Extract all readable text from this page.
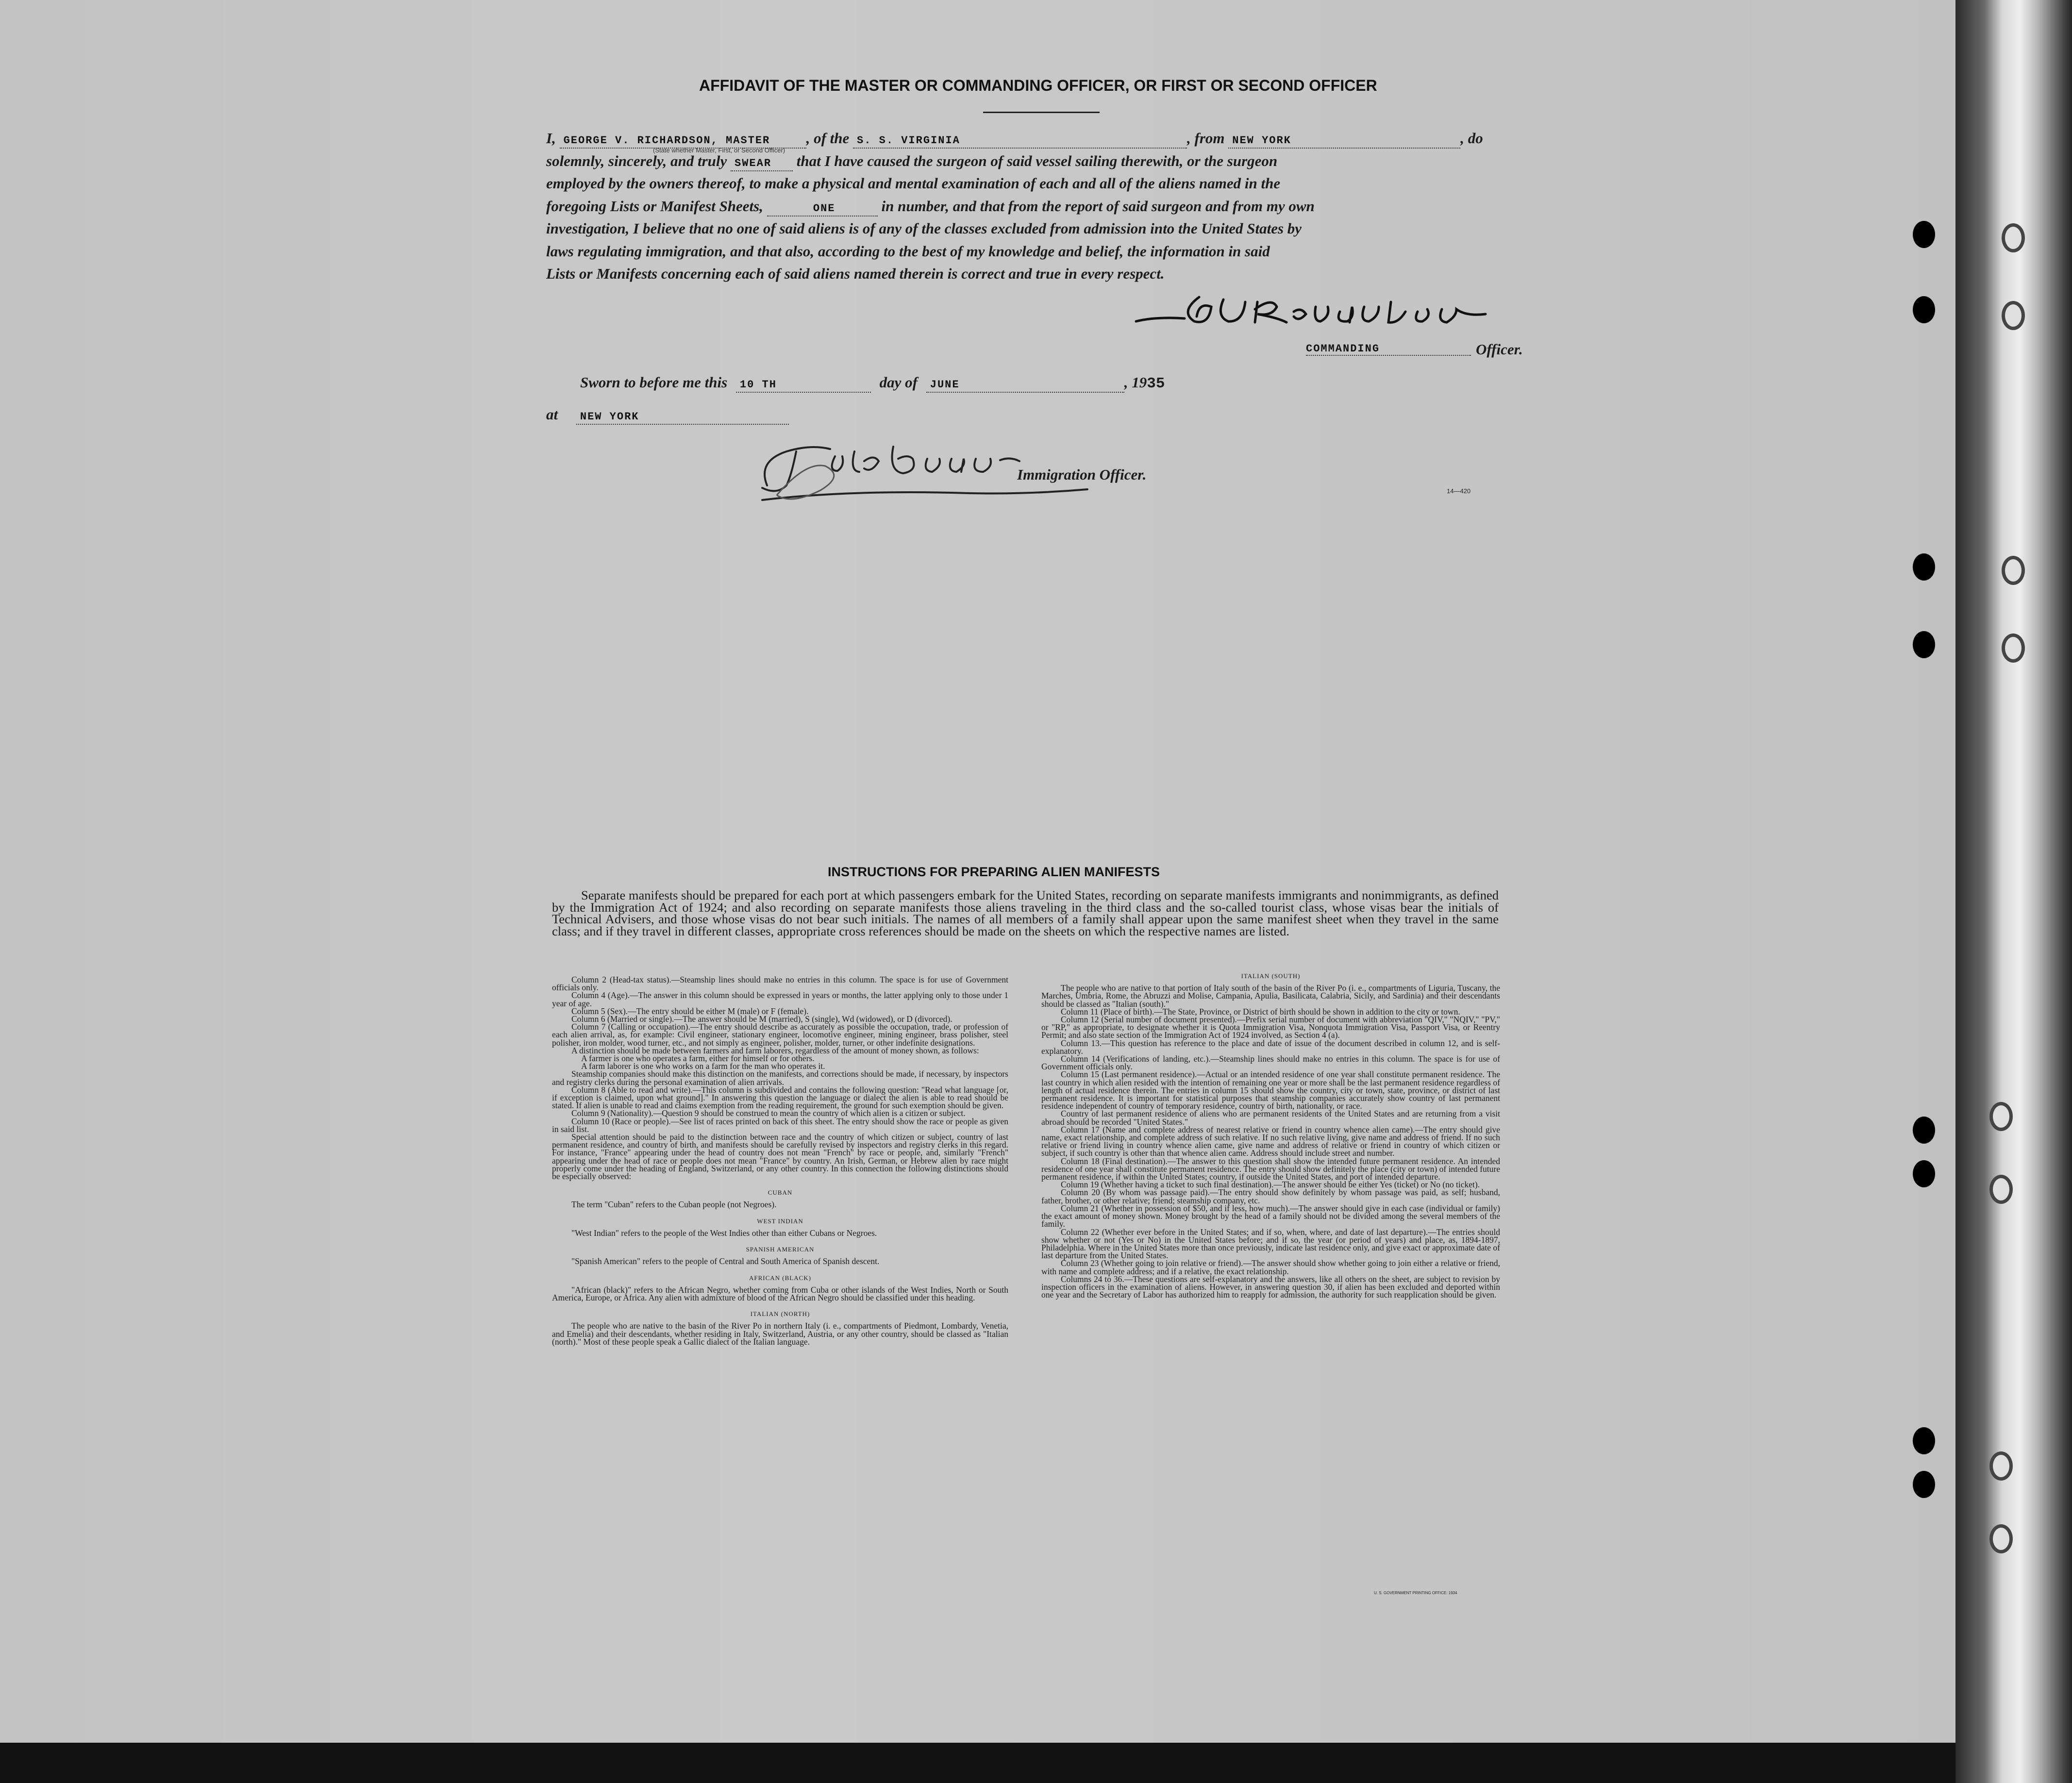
AFFIDAVIT OF THE MASTER OR COMMANDING OFFICER, OR FIRST OR SECOND OFFICER

I, GEORGE V. RICHARDSON, MASTER , of the S. S. VIRGINIA	, from NEW YORK	, do

solemnly, sincerely, and truly SWEAR that I have caused the surgeon of said vessel sailing therewith, or the surgeon

employed by the owners thereof, to make a physical and mental examination of each and all of the aliens named in the

foregoing Lists or Manifest Sheets,	ONE	in number, and that from the report of said surgeon and from my own

investigation, I believe that no one of said aliens is of any of the classes excluded from admission into the United States by

laws regulating immigration, and that also, according to the best of my knowledge and belief, the information in said

Lists or Manifests concerning each of said aliens named therein is correct and true in every respect.

(State whether Master, First, or Second Officer)
COMMANDING	Officer.
Sworn to before me this 10 TH	day of JUNE	, 1935
at NEW YORK
Immigration Officer.
14—420
INSTRUCTIONS FOR PREPARING ALIEN MANIFESTS

Separate manifests should be prepared for each port at which passengers embark for the United States, recording on separate manifests immigrants and nonimmigrants, as defined by the Immigration Act of 1924; and also recording on separate manifests those aliens traveling in the third class and the so-called tourist class, whose visas bear the initials of Technical Advisers, and those whose visas do not bear such initials. The names of all members of a family shall appear upon the same manifest sheet when they travel in the same class; and if they travel in different classes, appropriate cross references should be made on the sheets on which the respective names are listed.

Column 2 (Head-tax status).—Steamship lines should make no entries in this column. The space is for use of Government officials only.

Column 4 (Age).—The answer in this column should be expressed in years or months, the latter applying only to those under 1 year of age.

Column 5 (Sex).—The entry should be either M (male) or F (female).

Column 6 (Married or single).—The answer should be M (married), S (single), Wd (widowed), or D (divorced).

Column 7 (Calling or occupation).—The entry should describe as accurately as possible the occupation, trade, or profession of each alien arrival, as, for example: Civil engineer, stationary engineer, locomotive engineer, mining engineer, brass polisher, steel polisher, iron molder, wood turner, etc., and not simply as engineer, polisher, molder, turner, or other indefinite designations.

A distinction should be made between farmers and farm laborers, regardless of the amount of money shown, as follows:

A farmer is one who operates a farm, either for himself or for others.

A farm laborer is one who works on a farm for the man who operates it.

Steamship companies should make this distinction on the manifests, and corrections should be made, if necessary, by inspectors and registry clerks during the personal examination of alien arrivals.

Column 8 (Able to read and write).—This column is subdivided and contains the following question: "Read what language [or, if exception is claimed, upon what ground]." In answering this question the language or dialect the alien is able to read should be stated. If alien is unable to read and claims exemption from the reading requirement, the ground for such exemption should be given.

Column 9 (Nationality).—Question 9 should be construed to mean the country of which alien is a citizen or subject.

Column 10 (Race or people).—See list of races printed on back of this sheet. The entry should show the race or people as given in said list.

Special attention should be paid to the distinction between race and the country of which citizen or subject, country of last permanent residence, and country of birth, and manifests should be carefully revised by inspectors and registry clerks in this regard. For instance, "France" appearing under the head of country does not mean "French" by race or people, and, similarly "French" appearing under the head of race or people does not mean "France" by country. An Irish, German, or Hebrew alien by race might properly come under the heading of England, Switzerland, or any other country. In this connection the following distinctions should be especially observed:

CUBAN

The term "Cuban" refers to the Cuban people (not Negroes).

WEST INDIAN

"West Indian" refers to the people of the West Indies other than either Cubans or Negroes.

SPANISH AMERICAN

"Spanish American" refers to the people of Central and South America of Spanish descent.

AFRICAN (BLACK)

"African (black)" refers to the African Negro, whether coming from Cuba or other islands of the West Indies, North or South America, Europe, or Africa. Any alien with admixture of blood of the African Negro should be classified under this heading.

ITALIAN (NORTH)

The people who are native to the basin of the River Po in northern Italy (i. e., compartments of Piedmont, Lombardy, Venetia, and Emelia) and their descendants, whether residing in Italy, Switzerland, Austria, or any other country, should be classed as "Italian (north)." Most of these people speak a Gallic dialect of the Italian language.

ITALIAN (SOUTH)

The people who are native to that portion of Italy south of the basin of the River Po (i. e., compartments of Liguria, Tuscany, the Marches, Umbria, Rome, the Abruzzi and Molise, Campania, Apulia, Basilicata, Calabria, Sicily, and Sardinia) and their descendants should be classed as "Italian (south)."

Column 11 (Place of birth).—The State, Province, or District of birth should be shown in addition to the city or town.

Column 12 (Serial number of document presented).—Prefix serial number of document with abbreviation "QIV," "NQIV," "PV," or "RP," as appropriate, to designate whether it is Quota Immigration Visa, Nonquota Immigration Visa, Passport Visa, or Reentry Permit; and also state section of the Immigration Act of 1924 involved, as Section 4 (a).

Column 13.—This question has reference to the place and date of issue of the document described in column 12, and is self-explanatory.

Column 14 (Verifications of landing, etc.).—Steamship lines should make no entries in this column. The space is for use of Government officials only.

Column 15 (Last permanent residence).—Actual or an intended residence of one year shall constitute permanent residence. The last country in which alien resided with the intention of remaining one year or more shall be the last permanent residence regardless of length of actual residence therein. The entries in column 15 should show the country, city or town, state, province, or district of last permanent residence. It is important for statistical purposes that steamship companies accurately show country of last permanent residence independent of country of temporary residence, country of birth, nationality, or race.

Country of last permanent residence of aliens who are permanent residents of the United States and are returning from a visit abroad should be recorded "United States."

Column 17 (Name and complete address of nearest relative or friend in country whence alien came).—The entry should give name, exact relationship, and complete address of such relative. If no such relative living, give name and address of friend. If no such relative or friend living in country whence alien came, give name and address of relative or friend in country of which citizen or subject, if such country is other than that whence alien came. Address should include street and number.

Column 18 (Final destination).—The answer to this question shall show the intended future permanent residence. An intended residence of one year shall constitute permanent residence. The entry should show definitely the place (city or town) of intended future permanent residence, if within the United States; country, if outside the United States, and port of intended departure.

Column 19 (Whether having a ticket to such final destination).—The answer should be either Yes (ticket) or No (no ticket).

Column 20 (By whom was passage paid).—The entry should show definitely by whom passage was paid, as self; husband, father, brother, or other relative; friend; steamship company, etc.

Column 21 (Whether in possession of $50, and if less, how much).—The answer should give in each case (individual or family) the exact amount of money shown. Money brought by the head of a family should not be divided among the several members of the family.

Column 22 (Whether ever before in the United States; and if so, when, where, and date of last departure).—The entries should show whether or not (Yes or No) in the United States before; and if so, the year (or period of years) and place, as, 1894-1897, Philadelphia. Where in the United States more than once previously, indicate last residence only, and give exact or approximate date of last departure from the United States.

Column 23 (Whether going to join relative or friend).—The answer should show whether going to join either a relative or friend, with name and complete address; and if a relative, the exact relationship.

Columns 24 to 36.—These questions are self-explanatory and the answers, like all others on the sheet, are subject to revision by inspection officers in the examination of aliens. However, in answering question 30, if alien has been excluded and deported within one year and the Secretary of Labor has authorized him to reapply for admission, the authority for such reapplication should be given.

U. S. GOVERNMENT PRINTING OFFICE: 1934
